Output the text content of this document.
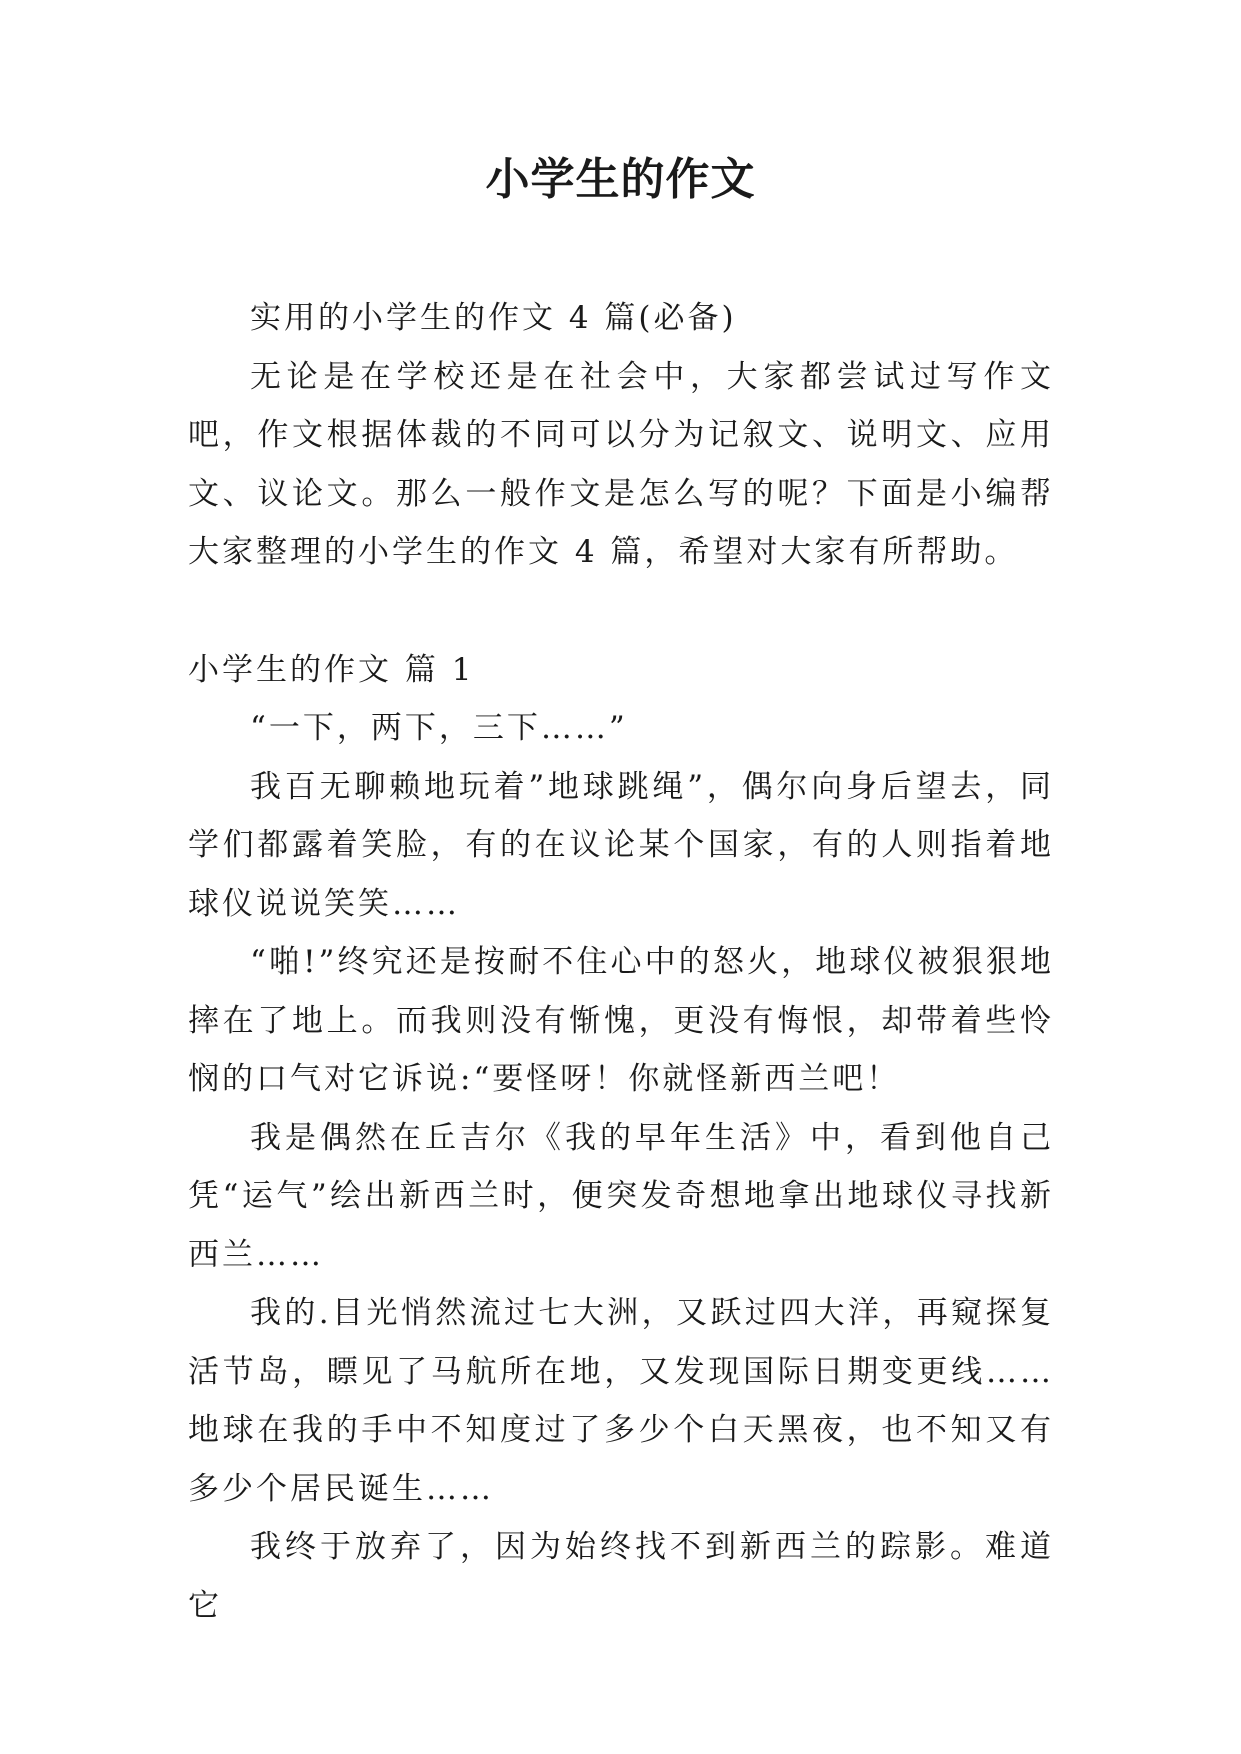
小学生的作文

实用的小学生的作文 4 篇(必备)

无论是在学校还是在社会中，大家都尝试过写作文吧，作文根据体裁的不同可以分为记叙文、说明文、应用文、议论文。那么一般作文是怎么写的呢？下面是小编帮大家整理的小学生的作文 4 篇，希望对大家有所帮助。

小学生的作文 篇 1

“一下，两下，三下……”

我百无聊赖地玩着”地球跳绳”，偶尔向身后望去，同学们都露着笑脸，有的在议论某个国家，有的人则指着地球仪说说笑笑……

“啪!”终究还是按耐不住心中的怒火，地球仪被狠狠地摔在了地上。而我则没有惭愧，更没有悔恨，却带着些怜悯的口气对它诉说:“要怪呀！你就怪新西兰吧！

我是偶然在丘吉尔《我的早年生活》中，看到他自己凭“运气”绘出新西兰时，便突发奇想地拿出地球仪寻找新西兰……

我的.目光悄然流过七大洲，又跃过四大洋，再窥探复活节岛，瞟见了马航所在地，又发现国际日期变更线……地球在我的手中不知度过了多少个白天黑夜，也不知又有多少个居民诞生……

我终于放弃了，因为始终找不到新西兰的踪影。难道它
